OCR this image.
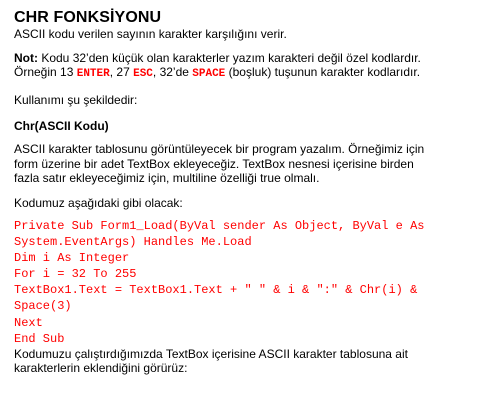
CHR FONKSİYONU
ASCII kodu verilen sayının karakter karşılığını verir.
Not: Kodu 32’den küçük olan karakterler yazım karakteri değil özel kodlardır.
Örneğin 13 ENTER, 27 ESC, 32’de SPACE (boşluk) tuşunun karakter kodlarıdır.
Kullanımı şu şekildedir:
Chr(ASCII Kodu)
ASCII karakter tablosunu görüntüleyecek bir program yazalım. Örneğimiz için
form üzerine bir adet TextBox ekleyeceğiz. TextBox nesnesi içerisine birden
fazla satır ekleyeceğimiz için, multiline özelliği true olmalı.
Kodumuz aşağıdaki gibi olacak:
Private Sub Form1_Load(ByVal sender As Object, ByVal e As
System.EventArgs) Handles Me.Load
Dim i As Integer
For i = 32 To 255
TextBox1.Text = TextBox1.Text + " " & i & ":" & Chr(i) &
Space(3)
Next
End Sub
Kodumuzu çalıştırdığımızda TextBox içerisine ASCII karakter tablosuna ait
karakterlerin eklendiğini görürüz:
